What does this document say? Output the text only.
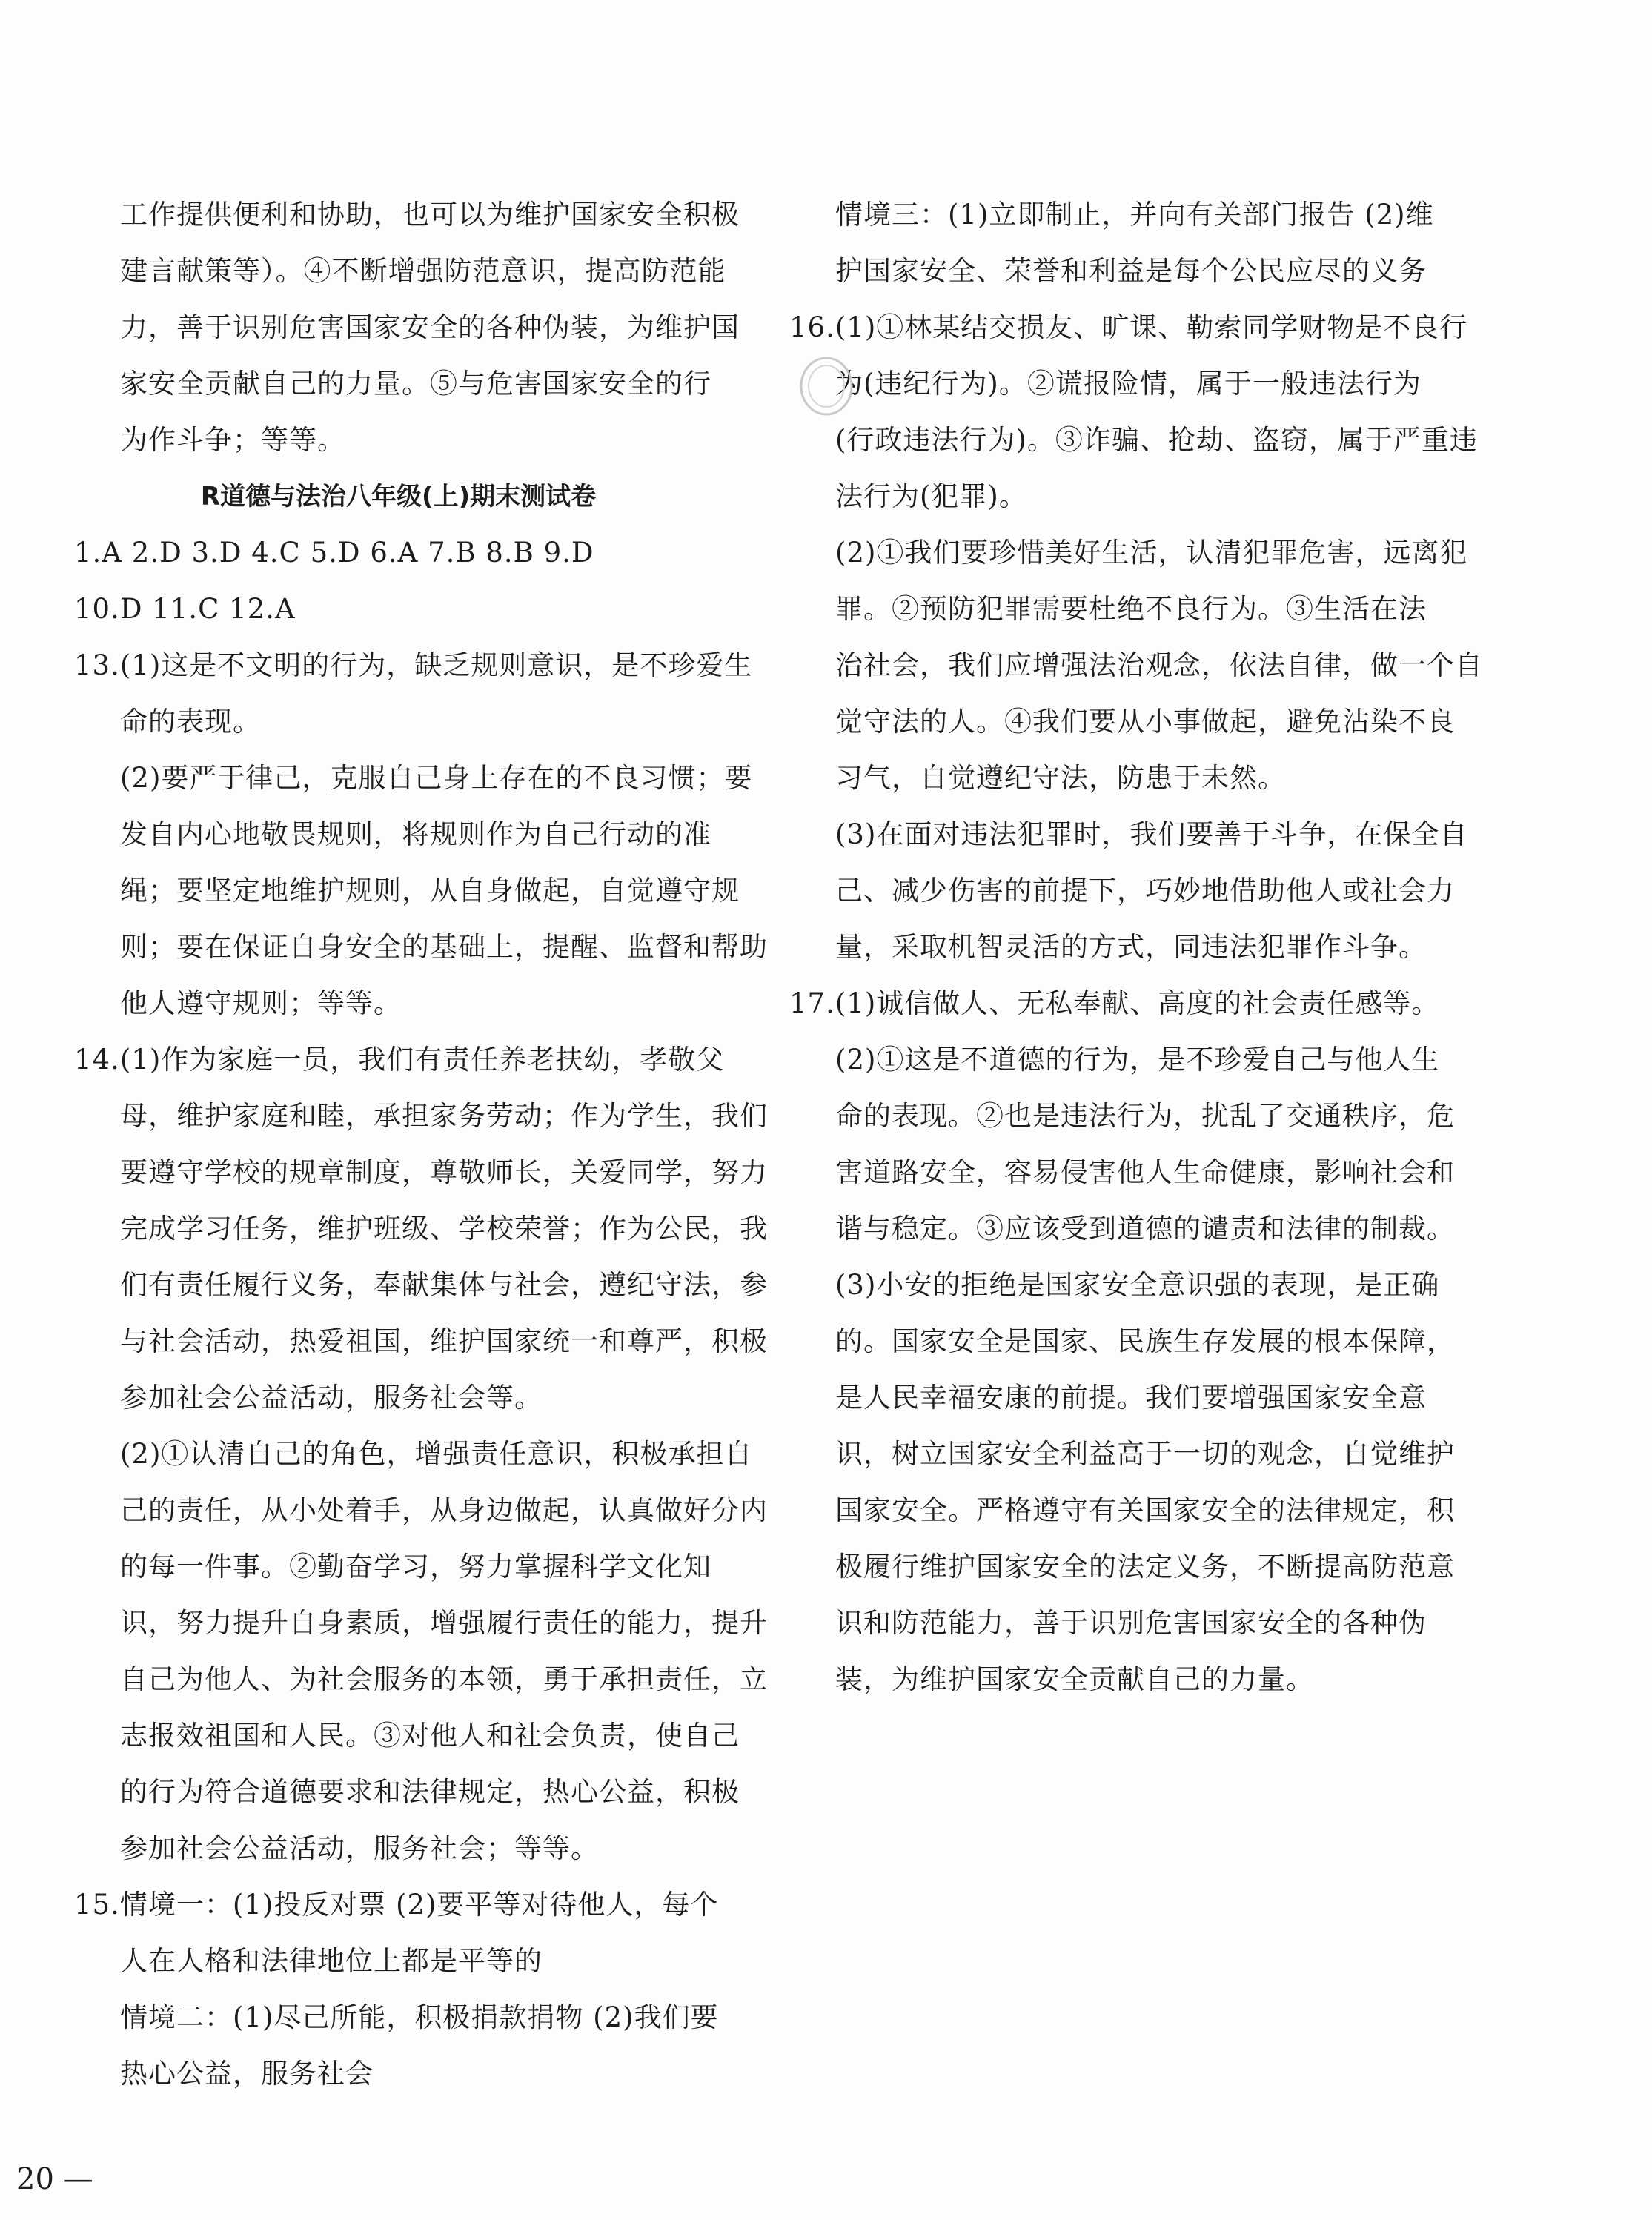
工作提供便利和协助，也可以为维护国家安全积极
建言献策等）。④不断增强防范意识，提高防范能
力，善于识别危害国家安全的各种伪装，为维护国
家安全贡献自己的力量。⑤与危害国家安全的行
为作斗争；等等。
R道德与法治八年级(上)期末测试卷
1.A 2.D 3.D 4.C 5.D 6.A 7.B 8.B 9.D
10.D 11.C 12.A
13.(1)这是不文明的行为，缺乏规则意识，是不珍爱生
命的表现。
(2)要严于律己，克服自己身上存在的不良习惯；要
发自内心地敬畏规则，将规则作为自己行动的准
绳；要坚定地维护规则，从自身做起，自觉遵守规
则；要在保证自身安全的基础上，提醒、监督和帮助
他人遵守规则；等等。
14.(1)作为家庭一员，我们有责任养老扶幼，孝敬父
母，维护家庭和睦，承担家务劳动；作为学生，我们
要遵守学校的规章制度，尊敬师长，关爱同学，努力
完成学习任务，维护班级、学校荣誉；作为公民，我
们有责任履行义务，奉献集体与社会，遵纪守法，参
与社会活动，热爱祖国，维护国家统一和尊严，积极
参加社会公益活动，服务社会等。
(2)①认清自己的角色，增强责任意识，积极承担自
己的责任，从小处着手，从身边做起，认真做好分内
的每一件事。②勤奋学习，努力掌握科学文化知
识，努力提升自身素质，增强履行责任的能力，提升
自己为他人、为社会服务的本领，勇于承担责任，立
志报效祖国和人民。③对他人和社会负责，使自己
的行为符合道德要求和法律规定，热心公益，积极
参加社会公益活动，服务社会；等等。
15.情境一：(1)投反对票 (2)要平等对待他人，每个
人在人格和法律地位上都是平等的
情境二：(1)尽己所能，积极捐款捐物 (2)我们要
热心公益，服务社会
情境三：(1)立即制止，并向有关部门报告 (2)维
护国家安全、荣誉和利益是每个公民应尽的义务
16.(1)①林某结交损友、旷课、勒索同学财物是不良行
为(违纪行为)。②谎报险情，属于一般违法行为
(行政违法行为)。③诈骗、抢劫、盗窃，属于严重违
法行为(犯罪)。
(2)①我们要珍惜美好生活，认清犯罪危害，远离犯
罪。②预防犯罪需要杜绝不良行为。③生活在法
治社会，我们应增强法治观念，依法自律，做一个自
觉守法的人。④我们要从小事做起，避免沾染不良
习气，自觉遵纪守法，防患于未然。
(3)在面对违法犯罪时，我们要善于斗争，在保全自
己、减少伤害的前提下，巧妙地借助他人或社会力
量，采取机智灵活的方式，同违法犯罪作斗争。
17.(1)诚信做人、无私奉献、高度的社会责任感等。
(2)①这是不道德的行为，是不珍爱自己与他人生
命的表现。②也是违法行为，扰乱了交通秩序，危
害道路安全，容易侵害他人生命健康，影响社会和
谐与稳定。③应该受到道德的谴责和法律的制裁。
(3)小安的拒绝是国家安全意识强的表现，是正确
的。国家安全是国家、民族生存发展的根本保障，
是人民幸福安康的前提。我们要增强国家安全意
识，树立国家安全利益高于一切的观念，自觉维护
国家安全。严格遵守有关国家安全的法律规定，积
极履行维护国家安全的法定义务，不断提高防范意
识和防范能力，善于识别危害国家安全的各种伪
装，为维护国家安全贡献自己的力量。
20 —
